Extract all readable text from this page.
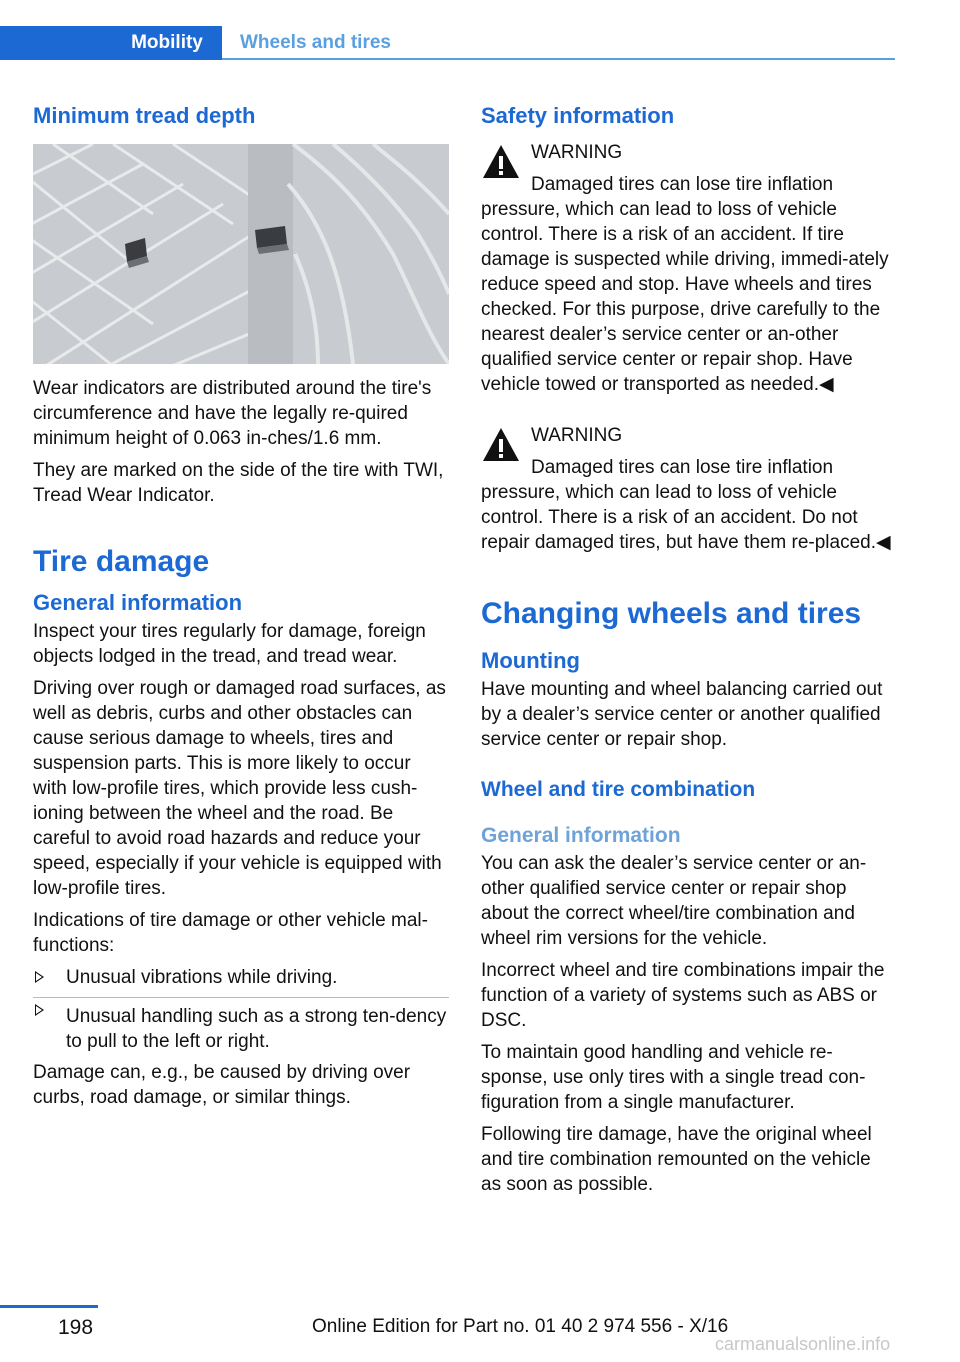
Mobility	Wheels and tires
Minimum tread depth

Wear indicators are distributed around the tire's circumference and have the legally re‐quired minimum height of 0.063 in‐ches/1.6 mm.

They are marked on the side of the tire with TWI, Tread Wear Indicator.

Tire damage
General information

Inspect your tires regularly for damage, foreign objects lodged in the tread, and tread wear.

Driving over rough or damaged road surfaces, as well as debris, curbs and other obstacles can cause serious damage to wheels, tires and suspension parts. This is more likely to occur with low-profile tires, which provide less cush‐ioning between the wheel and the road. Be careful to avoid road hazards and reduce your speed, especially if your vehicle is equipped with low-profile tires.

Indications of tire damage or other vehicle mal‐functions:

Unusual vibrations while driving.
Unusual handling such as a strong ten‐dency to pull to the left or right.

Damage can, e.g., be caused by driving over curbs, road damage, or similar things.

Safety information
WARNING

Damaged tires can lose tire inflation pressure, which can lead to loss of vehicle control. There is a risk of an accident. If tire damage is suspected while driving, immedi‐ately reduce speed and stop. Have wheels and tires checked. For this purpose, drive carefully to the nearest dealer’s service center or an‐other qualified service center or repair shop. Have vehicle towed or transported as needed.◀

WARNING

Damaged tires can lose tire inflation pressure, which can lead to loss of vehicle control. There is a risk of an accident. Do not repair damaged tires, but have them re‐placed.◀

Changing wheels and tires
Mounting

Have mounting and wheel balancing carried out by a dealer’s service center or another qualified service center or repair shop.

Wheel and tire combination
General information

You can ask the dealer’s service center or an‐other qualified service center or repair shop about the correct wheel/tire combination and wheel rim versions for the vehicle.

Incorrect wheel and tire combinations impair the function of a variety of systems such as ABS or DSC.

To maintain good handling and vehicle re‐sponse, use only tires with a single tread con‐figuration from a single manufacturer.

Following tire damage, have the original wheel and tire combination remounted on the vehicle as soon as possible.

198	Online Edition for Part no. 01 40 2 974 556 - X/16
carmanualsonline.info
